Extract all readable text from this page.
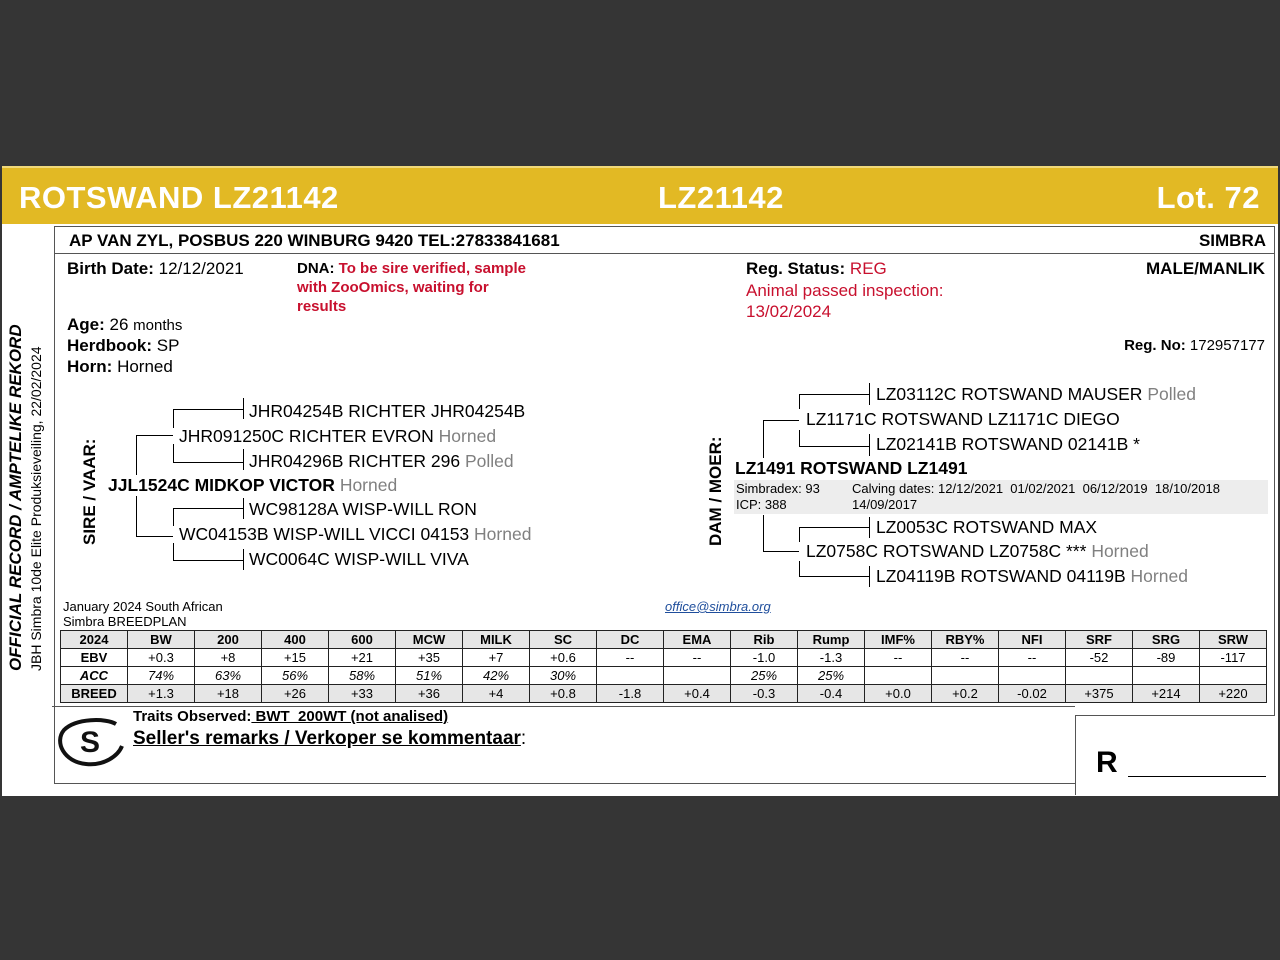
ROTSWAND LZ21142	LZ21142	Lot. 72
OFFICIAL RECORD / AMPTELIKE REKORD JBH Simbra 10de Elite Produksieveiling, 22/02/2024
AP VAN ZYL, POSBUS 220 WINBURG 9420 TEL:27833841681	SIMBRA
Birth Date: 12/12/2021	DNA: To be sire verified, sample
with ZooOmics, waiting for
results
Age: 26 months
Herdbook: SP
Horn: Horned
Reg. Status: REG
Animal passed inspection:
13/02/2024
MALE/MANLIK
Reg. No: 172957177
SIRE / VAAR:
JHR04254B RICHTER JHR04254B
JHR091250C RICHTER EVRON Horned
JHR04296B RICHTER 296 Polled
JJL1524C MIDKOP VICTOR Horned
WC98128A WISP-WILL RON
WC04153B WISP-WILL VICCI 04153 Horned
WC0064C WISP-WILL VIVA
DAM / MOER:
LZ03112C ROTSWAND MAUSER Polled
LZ1171C ROTSWAND LZ1171C DIEGO
LZ02141B ROTSWAND 02141B *
LZ1491 ROTSWAND LZ1491
Simbradex: 93
ICP: 388
Calving dates: 12/12/2021  01/02/2021  06/12/2019  18/10/2018
14/09/2017
LZ0053C ROTSWAND MAX
LZ0758C ROTSWAND LZ0758C *** Horned
LZ04119B ROTSWAND 04119B Horned
January 2024 South African
Simbra BREEDPLAN
office@simbra.org
2024	BW	200	400	600	MCW	MILK	SC	DC	EMA	Rib	Rump	IMF%	RBY%	NFI	SRF	SRG	SRW
EBV	+0.3	+8	+15	+21	+35	+7	+0.6	--	--	-1.0	-1.3	--	--	--	-52	-89	-117
ACC	74%	63%	56%	58%	51%	42%	30%			25%	25%						
BREED	+1.3	+18	+26	+33	+36	+4	+0.8	-1.8	+0.4	-0.3	-0.4	+0.0	+0.2	-0.02	+375	+214	+220
S
Traits Observed: BWT  200WT (not analised)
Seller's remarks / Verkoper se kommentaar:
R
